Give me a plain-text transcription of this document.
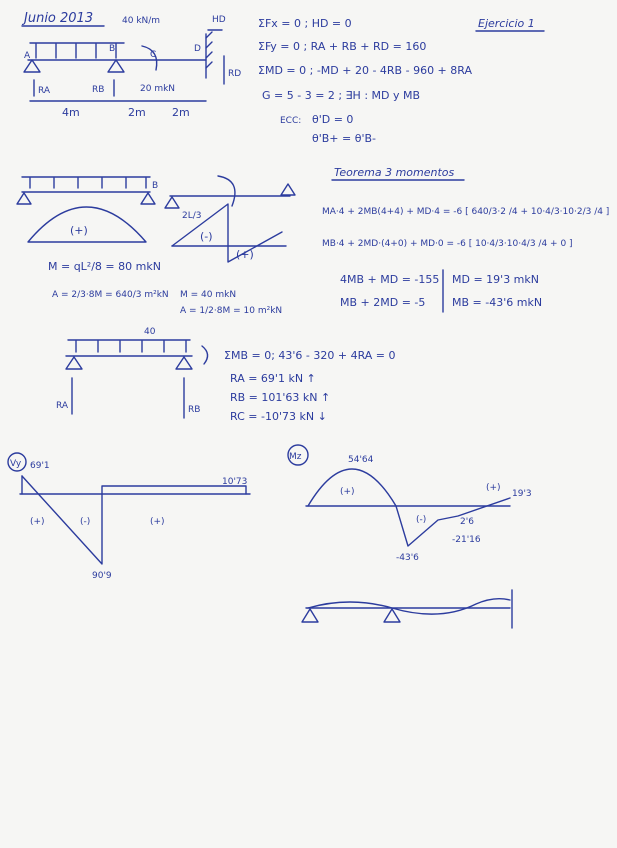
Junio 2013	Ejercicio 1
40 kN/m
A
B
C
D
HD
RD
RA	RB	20 mkN
4m	2m 2m
ΣFx = 0 ; HD = 0
ΣFy = 0 ; RA + RB + RD = 160
ΣMD = 0 ; -MD + 20 - 4RB - 960 + 8RA
G = 5 - 3 = 2 ; ∃H : MD y MB
ECC: θ'D = 0
θ'B+ = θ'B-
B
(+)
M = qL²/8 = 80 mkN
A = 2/3·8M = 640/3 m²kN
2L/3
(-)
(+)
M = 40 mkN
A = 1/2·8M = 10 m²kN
Teorema 3 momentos
MA·4 + 2MB(4+4) + MD·4 = -6 [ 640/3·2 /4 + 10·4/3·10·2/3 /4 ]
MB·4 + 2MD·(4+0) + MD·0 = -6 [ 10·4/3·10·4/3 /4 + 0 ]
4MB + MD = -155
MB + 2MD = -5
MD = 19'3 mkN
MB = -43'6 mkN
40
RA	RB
ΣMB = 0; 43'6 - 320 + 4RA = 0
RA = 69'1 kN ↑
RB = 101'63 kN ↑
RC = -10'73 kN ↓
Vy 69'1
10'73
90'9
(+)	(-)	(+)
Mz	54'64
19'3
-43'6
2'6
-21'16
(+)
(-)
(+)
